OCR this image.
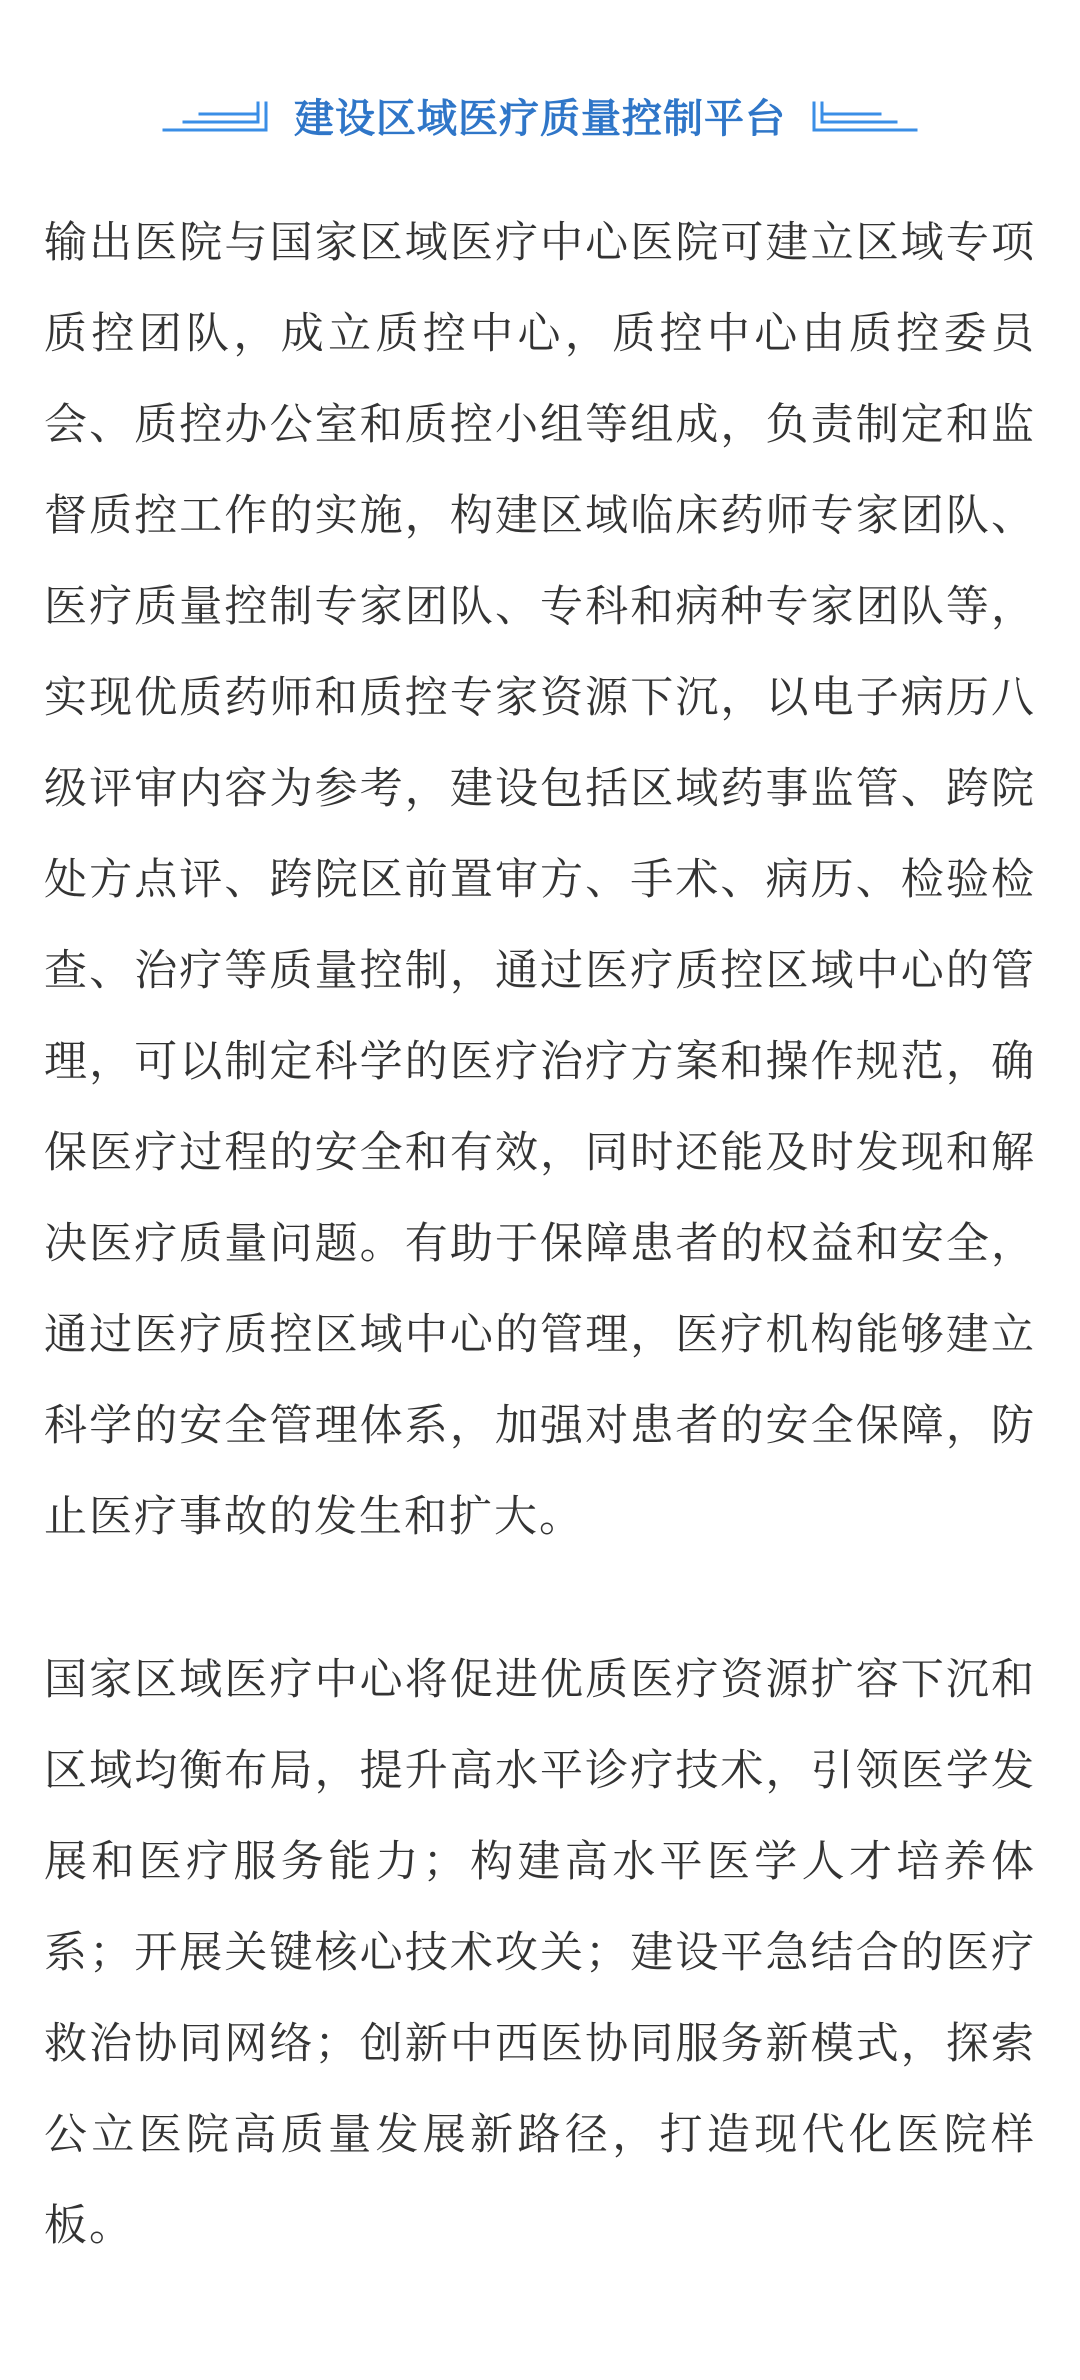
建设区域医疗质量控制平台

输出医院与国家区域医疗中心医院可建立区域专项质控团队，成立质控中心，质控中心由质控委员会、质控办公室和质控小组等组成，负责制定和监督质控工作的实施，构建区域临床药师专家团队、医疗质量控制专家团队、专科和病种专家团队等，实现优质药师和质控专家资源下沉，以电子病历八级评审内容为参考，建设包括区域药事监管、跨院处方点评、跨院区前置审方、手术、病历、检验检查、治疗等质量控制，通过医疗质控区域中心的管理，可以制定科学的医疗治疗方案和操作规范，确保医疗过程的安全和有效，同时还能及时发现和解决医疗质量问题。有助于保障患者的权益和安全，通过医疗质控区域中心的管理，医疗机构能够建立科学的安全管理体系，加强对患者的安全保障，防止医疗事故的发生和扩大。

国家区域医疗中心将促进优质医疗资源扩容下沉和区域均衡布局，提升高水平诊疗技术，引领医学发展和医疗服务能力；构建高水平医学人才培养体系；开展关键核心技术攻关；建设平急结合的医疗救治协同网络；创新中西医协同服务新模式，探索公立医院高质量发展新路径，打造现代化医院样板。
